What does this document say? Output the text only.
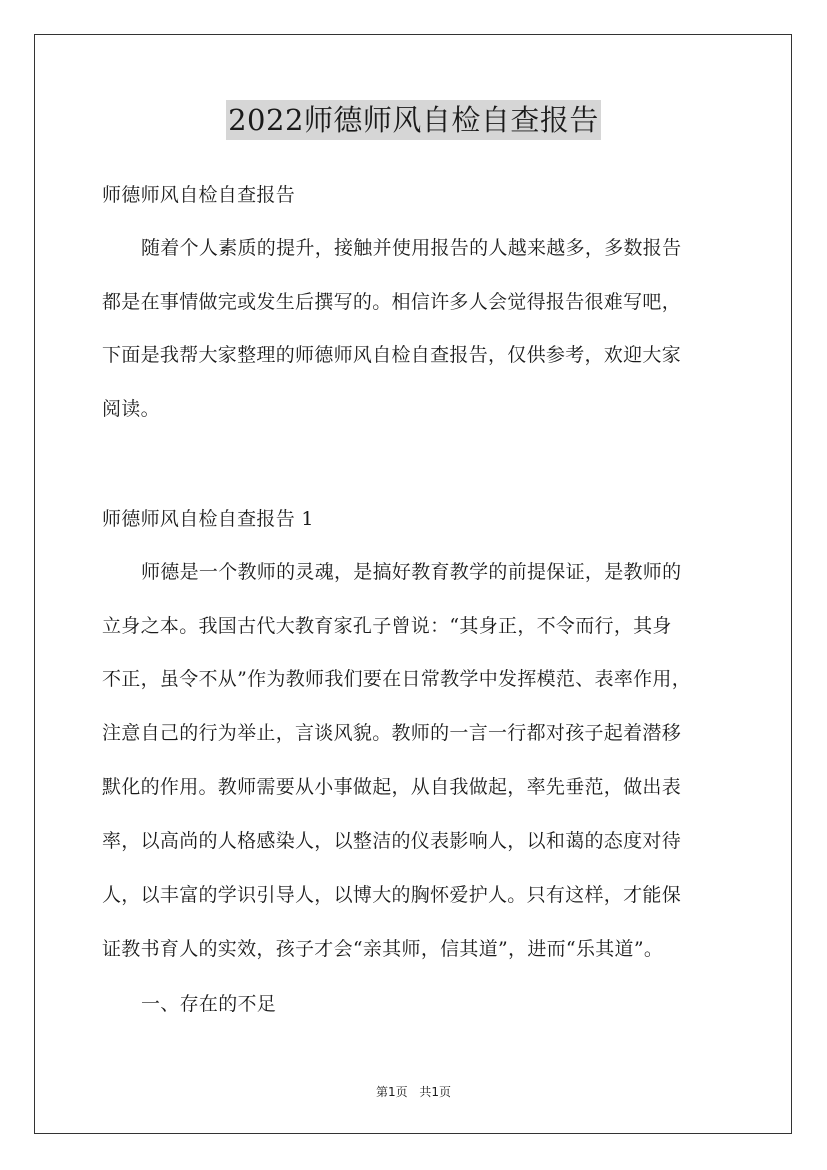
2022师德师风自检自查报告
师德师风自检自查报告
随着个人素质的提升，接触并使用报告的人越来越多，多数报告
都是在事情做完或发生后撰写的。相信许多人会觉得报告很难写吧，
下面是我帮大家整理的师德师风自检自查报告，仅供参考，欢迎大家
阅读。
师德师风自检自查报告 1
师德是一个教师的灵魂，是搞好教育教学的前提保证，是教师的
立身之本。我国古代大教育家孔子曾说：“其身正，不令而行，其身
不正，虽令不从”作为教师我们要在日常教学中发挥模范、表率作用，
注意自己的行为举止，言谈风貌。教师的一言一行都对孩子起着潜移
默化的作用。教师需要从小事做起，从自我做起，率先垂范，做出表
率，以高尚的人格感染人，以整洁的仪表影响人，以和蔼的态度对待
人，以丰富的学识引导人，以博大的胸怀爱护人。只有这样，才能保
证教书育人的实效，孩子才会“亲其师，信其道”，进而“乐其道”。
一、存在的不足
第1页 共1页
